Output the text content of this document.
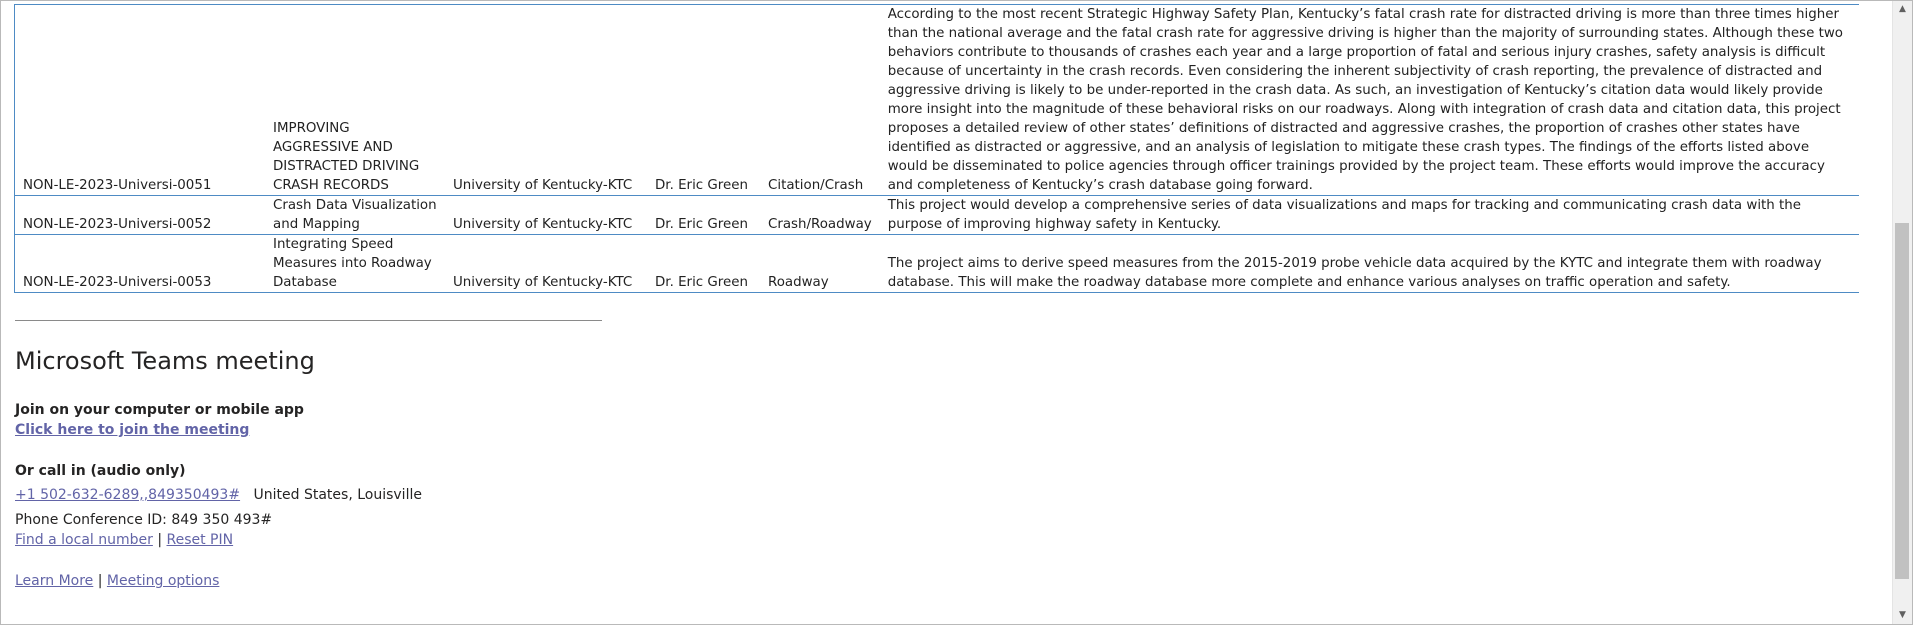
NON-LE-2023-Universi-0051	IMPROVING AGGRESSIVE AND DISTRACTED DRIVING CRASH RECORDS	University of Kentucky-KTC	Dr. Eric Green	Citation/Crash	According to the most recent Strategic Highway Safety Plan, Kentucky’s fatal crash rate for distracted driving is more than three times higher than the national average and the fatal crash rate for aggressive driving is higher than the majority of surrounding states. Although these two behaviors contribute to thousands of crashes each year and a large proportion of fatal and serious injury crashes, safety analysis is difficult because of uncertainty in the crash records. Even considering the inherent subjectivity of crash reporting, the prevalence of distracted and aggressive driving is likely to be under-reported in the crash data. As such, an investigation of Kentucky’s citation data would likely provide more insight into the magnitude of these behavioral risks on our roadways. Along with integration of crash data and citation data, this project proposes a detailed review of other states’ definitions of distracted and aggressive crashes, the proportion of crashes other states have identified as distracted or aggressive, and an analysis of legislation to mitigate these crash types. The findings of the efforts listed above would be disseminated to police agencies through officer trainings provided by the project team. These efforts would improve the accuracy and completeness of Kentucky’s crash database going forward.
NON-LE-2023-Universi-0052	Crash Data Visualization and Mapping	University of Kentucky-KTC	Dr. Eric Green	Crash/Roadway	This project would develop a comprehensive series of data visualizations and maps for tracking and communicating crash data with the purpose of improving highway safety in Kentucky.
NON-LE-2023-Universi-0053	Integrating Speed Measures into Roadway Database	University of Kentucky-KTC	Dr. Eric Green	Roadway	The project aims to derive speed measures from the 2015-2019 probe vehicle data acquired by the KYTC and integrate them with roadway database. This will make the roadway database more complete and enhance various analyses on traffic operation and safety.
Microsoft Teams meeting
Join on your computer or mobile app
Click here to join the meeting
Or call in (audio only)
+1 502-632-6289,,849350493# United States, Louisville
Phone Conference ID: 849 350 493#
Find a local number | Reset PIN
Learn More | Meeting options
▲
▼
